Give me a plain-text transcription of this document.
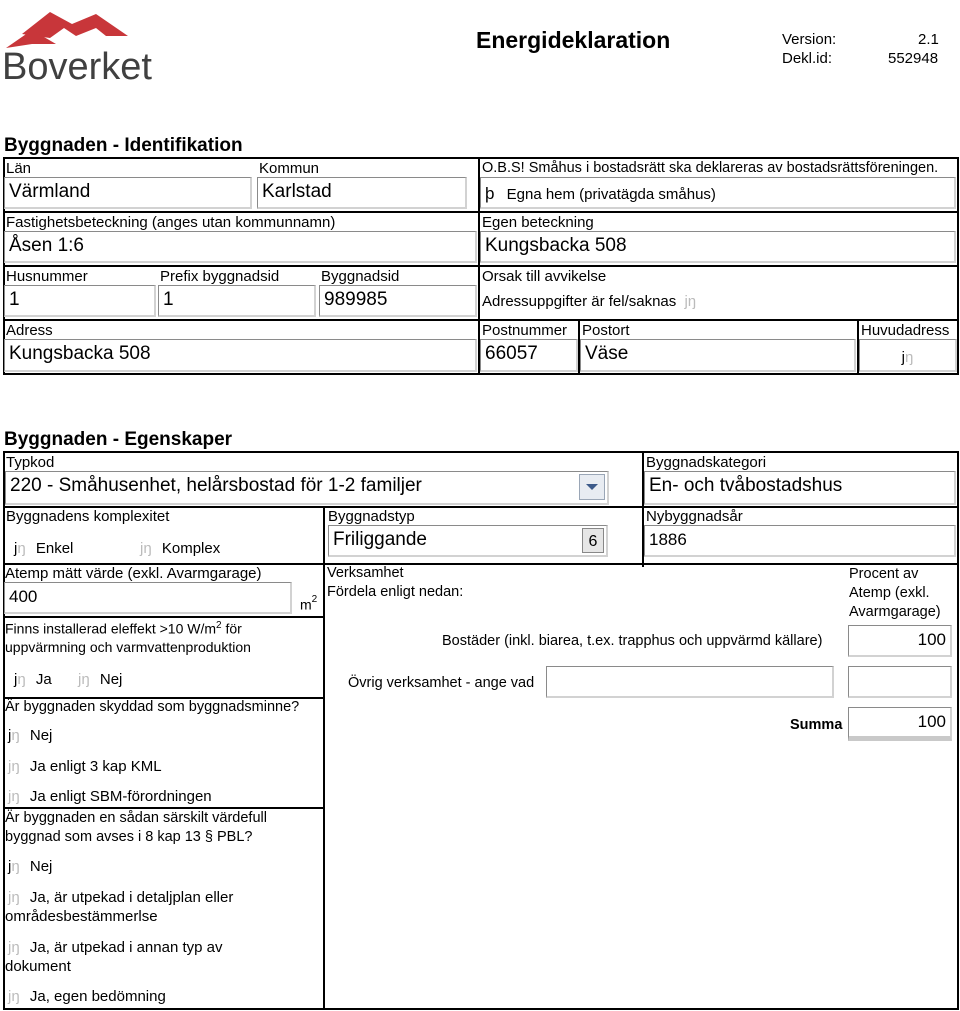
Boverket
Energideklaration	Version:	2.1
Dekl.id:	552948
Byggnaden - Identifikation
Län
Värmland
Kommun
Karlstad
O.B.S! Småhus i bostadsrätt ska deklareras av bostadsrättsföreningen.
þ Egna hem (privatägda småhus)
Fastighetsbeteckning (anges utan kommunnamn)
Åsen 1:6
Egen beteckning
Kungsbacka 508
Husnummer
1
Prefix byggnadsid
1
Byggnadsid
989985
Orsak till avvikelse
Adressuppgifter är fel/saknas jŋ
Adress
Kungsbacka 508
Postnummer
66057
Postort
Väse
Huvudadress
jŋ
Byggnaden - Egenskaper
Typkod
220 - Småhusenhet, helårsbostad för 1-2 familjer
Byggnadskategori
En- och tvåbostadshus
Byggnadens komplexitet
jŋ Enkel	jŋ Komplex
Byggnadstyp
Friliggande	6
Nybyggnadsår
1886
Atemp mätt värde (exkl. Avarmgarage)
400	$m^2$
Finns installerad eleffekt >10 $W/m^2$ för
uppvärmning och varmvattenproduktion
jŋ Ja jŋ Nej
Är byggnaden skyddad som byggnadsminne?
jŋ Nej
jŋ Ja enligt 3 kap KML
jŋ Ja enligt SBM-förordningen
Är byggnaden en sådan särskilt värdefull
byggnad som avses i 8 kap 13 § PBL?
jŋ Nej
jŋ Ja, är utpekad i detaljplan eller
områdesbestämmerlse
jŋ Ja, är utpekad i annan typ av
dokument
jŋ Ja, egen bedömning
Verksamhet
Fördela enligt nedan:
Procent av
Atemp (exkl.
Avarmgarage)
Bostäder (inkl. biarea, t.ex. trapphus och uppvärmd källare)	100
Övrig verksamhet - ange vad
Summa	100
